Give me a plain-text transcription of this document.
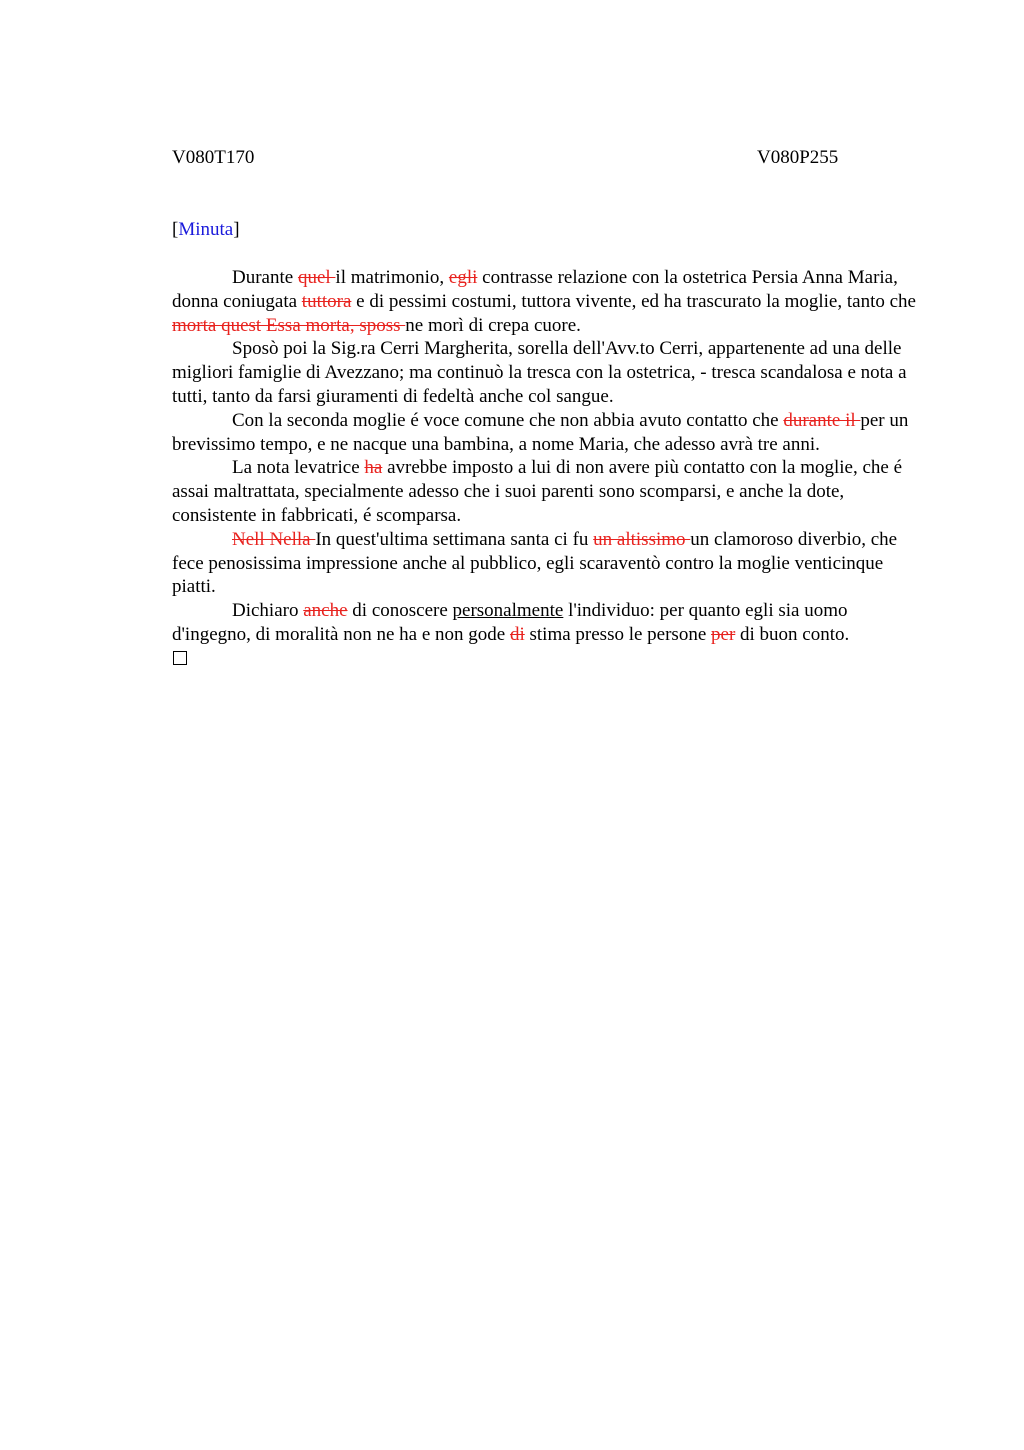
V080T170	V080P255
[Minuta]

Durante quel il matrimonio, egli contrasse relazione con la ostetrica Persia Anna Maria, donna coniugata tuttora e di pessimi costumi, tuttora vivente, ed ha trascurato la moglie, tanto che morta quest Essa morta, sposs ne morì di crepa cuore.

Sposò poi la Sig.ra Cerri Margherita, sorella dell'Avv.to Cerri, appartenente ad una delle migliori famiglie di Avezzano; ma continuò la tresca con la ostetrica, - tresca scandalosa e nota a tutti, tanto da farsi giuramenti di fedeltà anche col sangue.

Con la seconda moglie é voce comune che non abbia avuto contatto che durante il per un brevissimo tempo, e ne nacque una bambina, a nome Maria, che adesso avrà tre anni.

La nota levatrice ha avrebbe imposto a lui di non avere più contatto con la moglie, che é assai maltrattata, specialmente adesso che i suoi parenti sono scomparsi, e anche la dote, consistente in fabbricati, é scomparsa.

Nell Nella In quest'ultima settimana santa ci fu un altissimo un clamoroso diverbio, che fece penosissima impressione anche al pubblico, egli scaraventò contro la moglie venticinque piatti.

Dichiaro anche di conoscere personalmente l'individuo: per quanto egli sia uomo d'ingegno, di moralità non ne ha e non gode di stima presso le persone per di buon conto.
